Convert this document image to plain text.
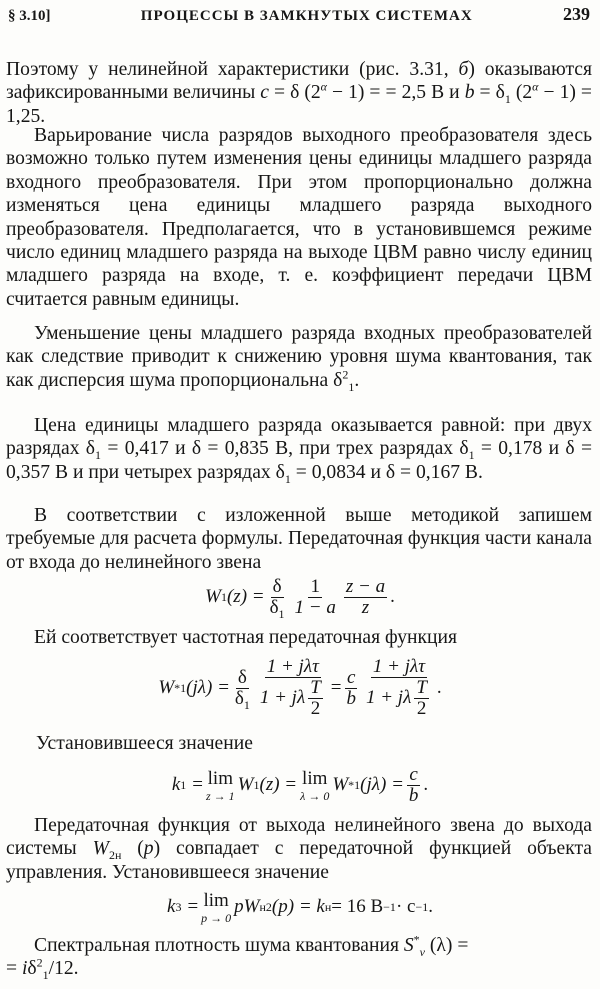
§ 3.10]	ПРОЦЕССЫ В ЗАМКНУТЫХ СИСТЕМАХ	239

Поэтому у нелинейной характеристики (рис. 3.31, б) оказываются зафиксированными величины c = δ $(2^\alpha - 1)$ = = 2,5 В и $b = \delta_1$ $(2^\alpha - 1) = 1,25$.

Варьирование числа разрядов выходного преобразователя здесь возможно только путем изменения цены единицы младшего разряда входного преобразователя. При этом пропорционально должна изменяться цена единицы младшего разряда выходного преобразователя. Предполагается, что в установившемся режиме число единиц младшего разряда на выходе ЦВМ равно числу единиц младшего разряда на входе, т. е. коэффициент передачи ЦВМ считается равным единицы.

Уменьшение цены младшего разряда входных преобразователей как следствие приводит к снижению уровня шума квантования, так как дисперсия шума пропорциональна $\delta^2_1$.

Цена единицы младшего разряда оказывается равной: при двух разрядах $\delta_1 = 0,417$ и δ = 0,835 В, при трех разрядах $\delta_1 = 0,178$ и δ = 0,357 В и при четырех разрядах $\delta_1 = 0,0834$ и δ = 0,167 В.

В соответствии с изложенной выше методикой запишем требуемые для расчета формулы. Передаточная функция части канала от входа до нелинейного звена

W 1 $(z) = \frac{\delta}{\delta_1} \frac{1}{1 - a} \frac{z - a}{z}$ .

Ей соответствует частотная передаточная функция

W * 1 $(j\lambda) = \frac{\delta}{\delta_1} \frac{\text{1 + jλτ}}{1 + j\lambda \frac{T}{2}} = \frac{c}{b} \frac{\text{1 + jλτ}}{1 + j\lambda \frac{T}{2}}$ .

Установившееся значение

k 1 = lim
z → 1
W 1 (z) = lim
λ → 0
W * 1 $(j\lambda) = \frac{c}{b}$ .

Передаточная функция от выхода нелинейного звена до выхода системы $W_{2н}$ (p) совпадает с передаточной функцией объекта управления. Установившееся значение

k 3 = lim
p → 0
pW н2 (p) = k н = 16 В −1 · с −1 .

Спектральная плотность шума квантования $S^*_v$ (λ) =
= $i\delta^2_1/12$.
